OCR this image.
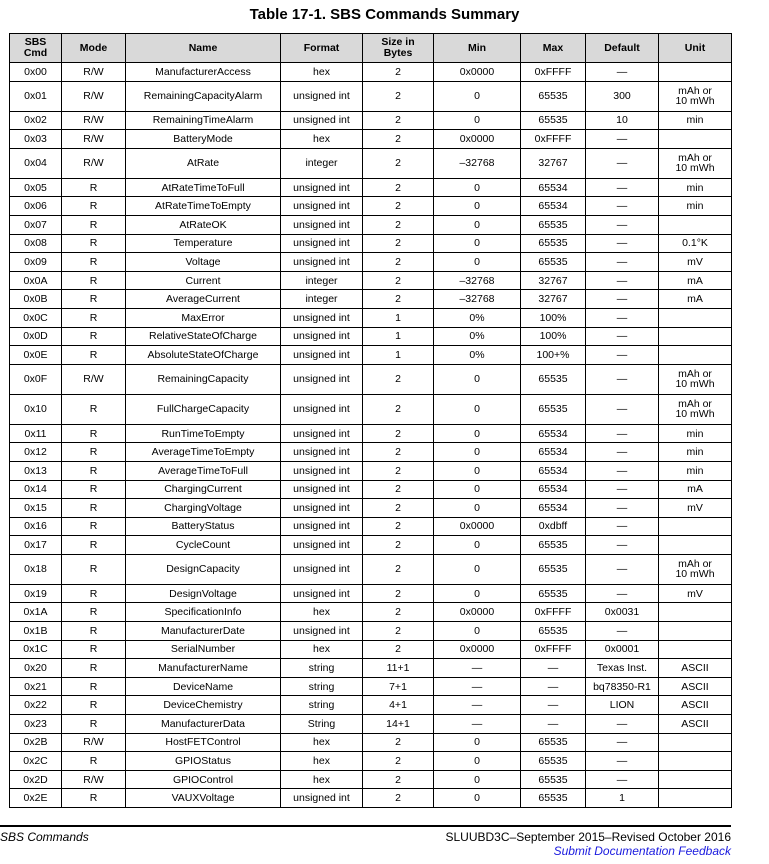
Table 17-1. SBS Commands Summary
SBS Cmd	Mode	Name	Format	Size in Bytes	Min	Max	Default	Unit
0x00	R/W	ManufacturerAccess	hex	2	0x0000	0xFFFF	—	
0x01	R/W	RemainingCapacityAlarm	unsigned int	2	0	65535	300	mAh or 10 mWh
0x02	R/W	RemainingTimeAlarm	unsigned int	2	0	65535	10	min
0x03	R/W	BatteryMode	hex	2	0x0000	0xFFFF	—	
0x04	R/W	AtRate	integer	2	–32768	32767	—	mAh or 10 mWh
0x05	R	AtRateTimeToFull	unsigned int	2	0	65534	—	min
0x06	R	AtRateTimeToEmpty	unsigned int	2	0	65534	—	min
0x07	R	AtRateOK	unsigned int	2	0	65535	—	
0x08	R	Temperature	unsigned int	2	0	65535	—	0.1°K
0x09	R	Voltage	unsigned int	2	0	65535	—	mV
0x0A	R	Current	integer	2	–32768	32767	—	mA
0x0B	R	AverageCurrent	integer	2	–32768	32767	—	mA
0x0C	R	MaxError	unsigned int	1	0%	100%	—	
0x0D	R	RelativeStateOfCharge	unsigned int	1	0%	100%	—	
0x0E	R	AbsoluteStateOfCharge	unsigned int	1	0%	100+%	—	
0x0F	R/W	RemainingCapacity	unsigned int	2	0	65535	—	mAh or 10 mWh
0x10	R	FullChargeCapacity	unsigned int	2	0	65535	—	mAh or 10 mWh
0x11	R	RunTimeToEmpty	unsigned int	2	0	65534	—	min
0x12	R	AverageTimeToEmpty	unsigned int	2	0	65534	—	min
0x13	R	AverageTimeToFull	unsigned int	2	0	65534	—	min
0x14	R	ChargingCurrent	unsigned int	2	0	65534	—	mA
0x15	R	ChargingVoltage	unsigned int	2	0	65534	—	mV
0x16	R	BatteryStatus	unsigned int	2	0x0000	0xdbff	—	
0x17	R	CycleCount	unsigned int	2	0	65535	—	
0x18	R	DesignCapacity	unsigned int	2	0	65535	—	mAh or 10 mWh
0x19	R	DesignVoltage	unsigned int	2	0	65535	—	mV
0x1A	R	SpecificationInfo	hex	2	0x0000	0xFFFF	0x0031	
0x1B	R	ManufacturerDate	unsigned int	2	0	65535	—	
0x1C	R	SerialNumber	hex	2	0x0000	0xFFFF	0x0001	
0x20	R	ManufacturerName	string	11+1	—	—	Texas Inst.	ASCII
0x21	R	DeviceName	string	7+1	—	—	bq78350-R1	ASCII
0x22	R	DeviceChemistry	string	4+1	—	—	LION	ASCII
0x23	R	ManufacturerData	String	14+1	—	—	—	ASCII
0x2B	R/W	HostFETControl	hex	2	0	65535	—	
0x2C	R	GPIOStatus	hex	2	0	65535	—	
0x2D	R/W	GPIOControl	hex	2	0	65535	—	
0x2E	R	VAUXVoltage	unsigned int	2	0	65535	1	
SBS Commands	SLUUBD3C–September 2015–Revised October 2016
Submit Documentation Feedback
